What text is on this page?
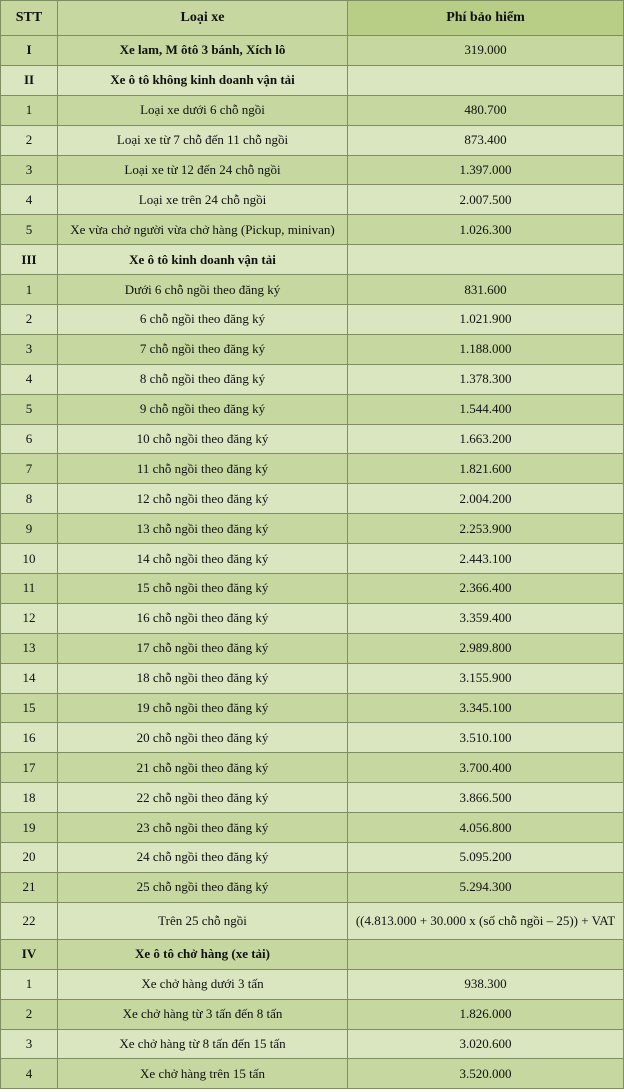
STT	Loại xe	Phí bảo hiểm
I	Xe lam, M ôtô 3 bánh, Xích lô	319.000
II	Xe ô tô không kinh doanh vận tải	
1	Loại xe dưới 6 chỗ ngồi	480.700
2	Loại xe từ 7 chỗ đến 11 chỗ ngồi	873.400
3	Loại xe từ 12 đến 24 chỗ ngồi	1.397.000
4	Loại xe trên 24 chỗ ngồi	2.007.500
5	Xe vừa chở người vừa chở hàng (Pickup, minivan)	1.026.300
III	Xe ô tô kinh doanh vận tải	
1	Dưới 6 chỗ ngồi theo đăng ký	831.600
2	6 chỗ ngồi theo đăng ký	1.021.900
3	7 chỗ ngồi theo đăng ký	1.188.000
4	8 chỗ ngồi theo đăng ký	1.378.300
5	9 chỗ ngồi theo đăng ký	1.544.400
6	10 chỗ ngồi theo đăng ký	1.663.200
7	11 chỗ ngồi theo đăng ký	1.821.600
8	12 chỗ ngồi theo đăng ký	2.004.200
9	13 chỗ ngồi theo đăng ký	2.253.900
10	14 chỗ ngồi theo đăng ký	2.443.100
11	15 chỗ ngồi theo đăng ký	2.366.400
12	16 chỗ ngồi theo đăng ký	3.359.400
13	17 chỗ ngồi theo đăng ký	2.989.800
14	18 chỗ ngồi theo đăng ký	3.155.900
15	19 chỗ ngồi theo đăng ký	3.345.100
16	20 chỗ ngồi theo đăng ký	3.510.100
17	21 chỗ ngồi theo đăng ký	3.700.400
18	22 chỗ ngồi theo đăng ký	3.866.500
19	23 chỗ ngồi theo đăng ký	4.056.800
20	24 chỗ ngồi theo đăng ký	5.095.200
21	25 chỗ ngồi theo đăng ký	5.294.300
22	Trên 25 chỗ ngồi	((4.813.000 + 30.000 x (số chỗ ngồi – 25)) + VAT
IV	Xe ô tô chở hàng (xe tải)	
1	Xe chở hàng dưới 3 tấn	938.300
2	Xe chở hàng từ 3 tấn đến 8 tấn	1.826.000
3	Xe chở hàng từ 8 tấn đến 15 tấn	3.020.600
4	Xe chở hàng trên 15 tấn	3.520.000
